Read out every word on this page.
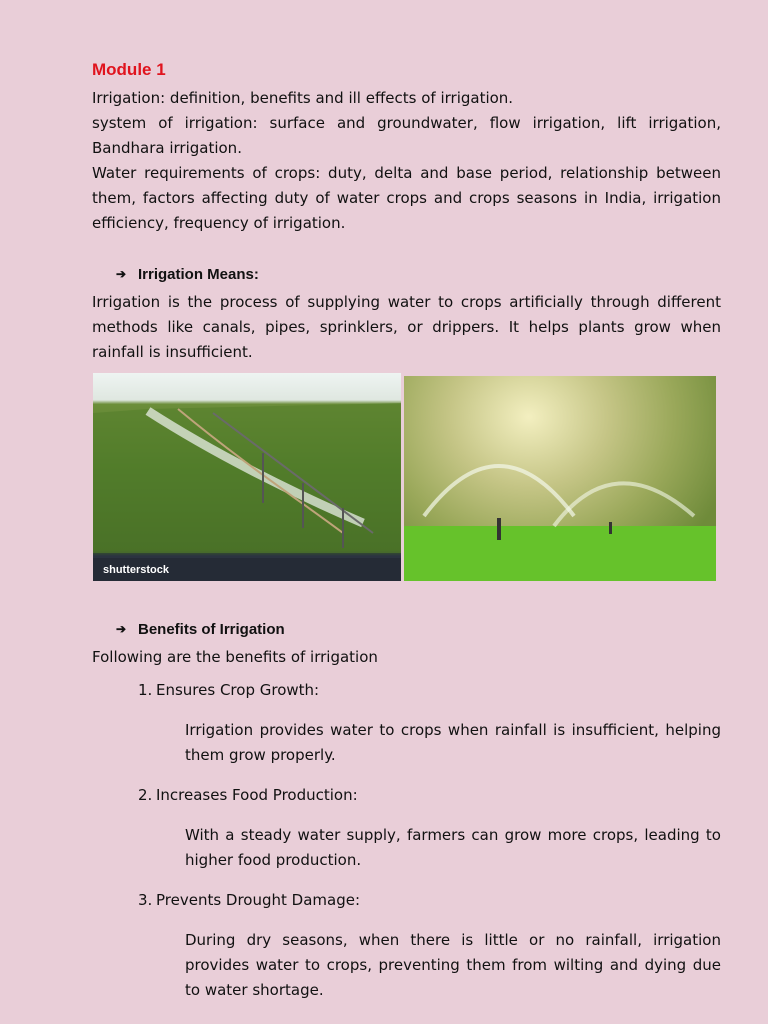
Module 1

Irrigation: definition, benefits and ill effects of irrigation.

system of irrigation: surface and groundwater, flow irrigation, lift irrigation, Bandhara irrigation.

Water requirements of crops: duty, delta and base period, relationship between them, factors affecting duty of water crops and crops seasons in India, irrigation efficiency, frequency of irrigation.

➔ Irrigation Means:

Irrigation is the process of supplying water to crops artificially through different methods like canals, pipes, sprinklers, or drippers. It helps plants grow when rainfall is insufficient.

shutterstock
➔ Benefits of Irrigation

Following are the benefits of irrigation

1. Ensures Crop Growth:
Irrigation provides water to crops when rainfall is insufficient, helping them grow properly.
2. Increases Food Production:
With a steady water supply, farmers can grow more crops, leading to higher food production.
3. Prevents Drought Damage:
During dry seasons, when there is little or no rainfall, irrigation provides water to crops, preventing them from wilting and dying due to water shortage.
